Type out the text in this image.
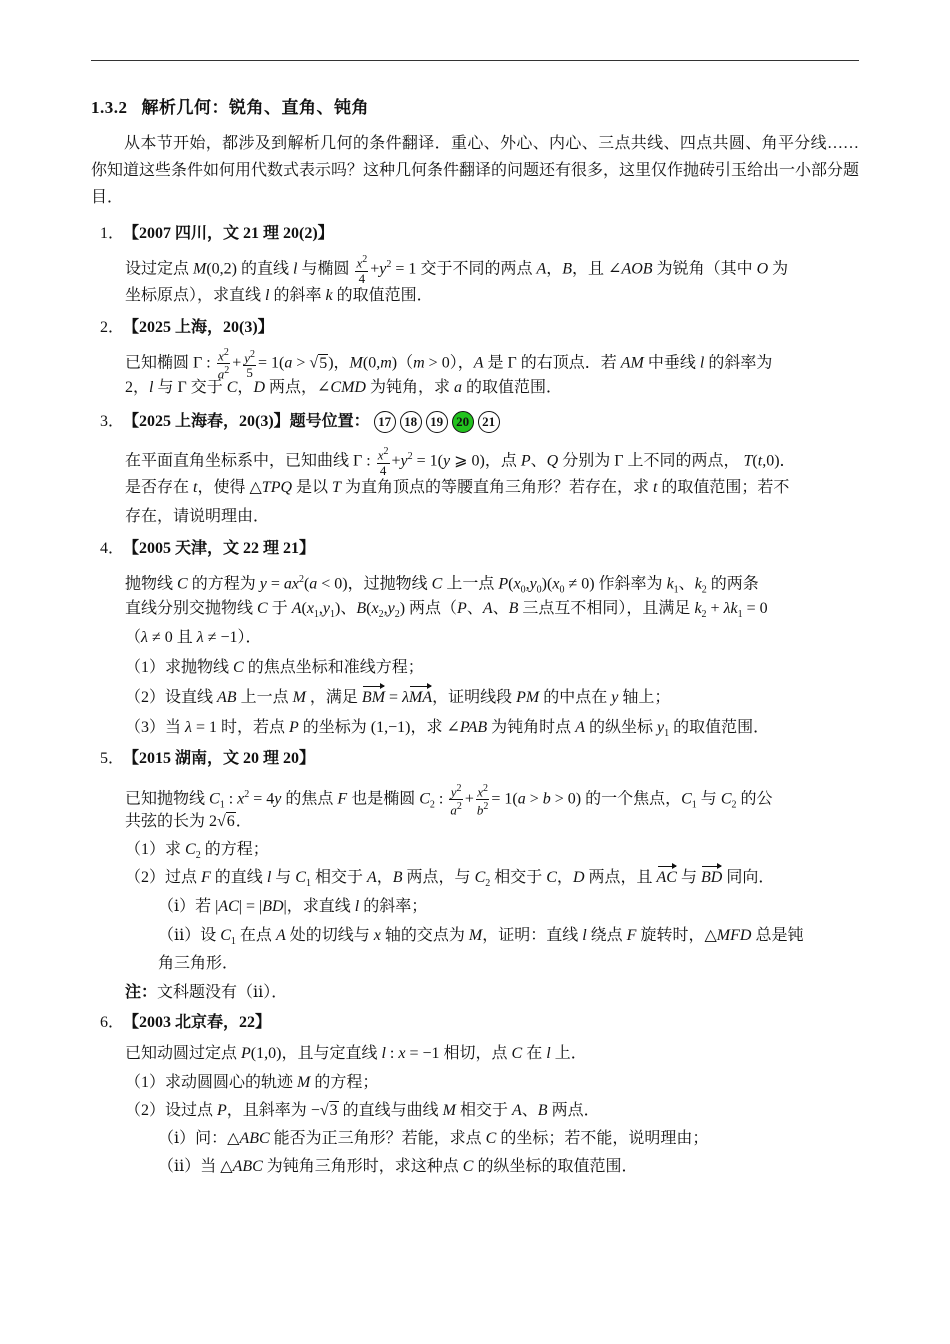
1.3.2 解析几何：锐角、直角、钝角
从本节开始，都涉及到解析几何的条件翻译．重心、外心、内心、三点共线、四点共圆、角平分线……你知道这些条件如何用代数式表示吗？这种几何条件翻译的问题还有很多，这里仅作抛砖引玉给出一小部分题目．
1．
【2007 四川，文 21 理 20(2)】
设过定点 M(0,2) 的直线 l 与椭圆 $\frac{x^2}{4} +y^2 = 1$ 交于不同的两点 A，B，且 ∠AOB 为锐角（其中 O 为
坐标原点），求直线 l 的斜率 k 的取值范围．
2．
【2025 上海，20(3)】
已知椭圆 Γ : $\frac{x^2}{a^2} + \frac{y^2}{5} = 1(a > √5)$，M(0,m)（m > 0），A 是 Γ 的右顶点．若 AM 中垂线 l 的斜率为
2，l 与 Γ 交于 C，D 两点，∠CMD 为钝角，求 a 的取值范围．
3．
【2025 上海春，20(3)】题号位置： 17 18 19 20 21
在平面直角坐标系中，已知曲线 Γ : $\frac{x^2}{4} +y^2 = 1(y$ ⩾ 0)，点 P、Q 分别为 Γ 上不同的两点， T(t,0)．
是否存在 t，使得 △TPQ 是以 T 为直角顶点的等腰直角三角形？若存在，求 t 的取值范围；若不
存在，请说明理由．
4．
【2005 天津，文 22 理 21】
抛物线 C 的方程为 $y = ax^2(a < 0)$，过抛物线 C 上一点 $P(x_0,y_0)(x_0 \ne 0)$ 作斜率为 $k_1$、$k_2$ 的两条
直线分别交抛物线 C 于 $A(x_1,y_1)$、$B(x_2,y_2)$ 两点（P、A、B 三点互不相同），且满足 $k_2 + \lambda k_1 = 0$
（λ ≠ 0 且 λ ≠ −1）．
（1）求抛物线 C 的焦点坐标和准线方程；
（2）设直线 AB 上一点 M ，满足 BM = λMA，证明线段 PM 的中点在 y 轴上；
（3）当 λ = 1 时，若点 P 的坐标为 (1,−1)，求 ∠PAB 为钝角时点 A 的纵坐标 $y_1$ 的取值范围．
5．
【2015 湖南，文 20 理 20】
已知抛物线 $C_1$ : $x^2 = 4y$ 的焦点 F 也是椭圆 $C_2$ : $\frac{y^2}{a^2} + \frac{x^2}{b^2} = 1(a > b > 0)$ 的一个焦点，$C_1$ 与 $C_2$ 的公
共弦的长为 2√6．
（1）求 $C_2$ 的方程；
（2）过点 F 的直线 l 与 $C_1$ 相交于 A，B 两点，与 $C_2$ 相交于 C，D 两点，且 AC 与 BD 同向．
（ⅰ）若 |AC| = |BD|，求直线 l 的斜率；
（ⅱ）设 $C_1$ 在点 A 处的切线与 x 轴的交点为 M，证明：直线 l 绕点 F 旋转时，△MFD 总是钝
角三角形．
注：文科题没有（ⅱ）．
6．
【2003 北京春，22】
已知动圆过定点 P(1,0)，且与定直线 l : x = −1 相切，点 C 在 l 上．
（1）求动圆圆心的轨迹 M 的方程；
（2）设过点 P，且斜率为 −√3 的直线与曲线 M 相交于 A、B 两点．
（ⅰ）问：△ABC 能否为正三角形？若能，求点 C 的坐标；若不能，说明理由；
（ⅱ）当 △ABC 为钝角三角形时，求这种点 C 的纵坐标的取值范围．
